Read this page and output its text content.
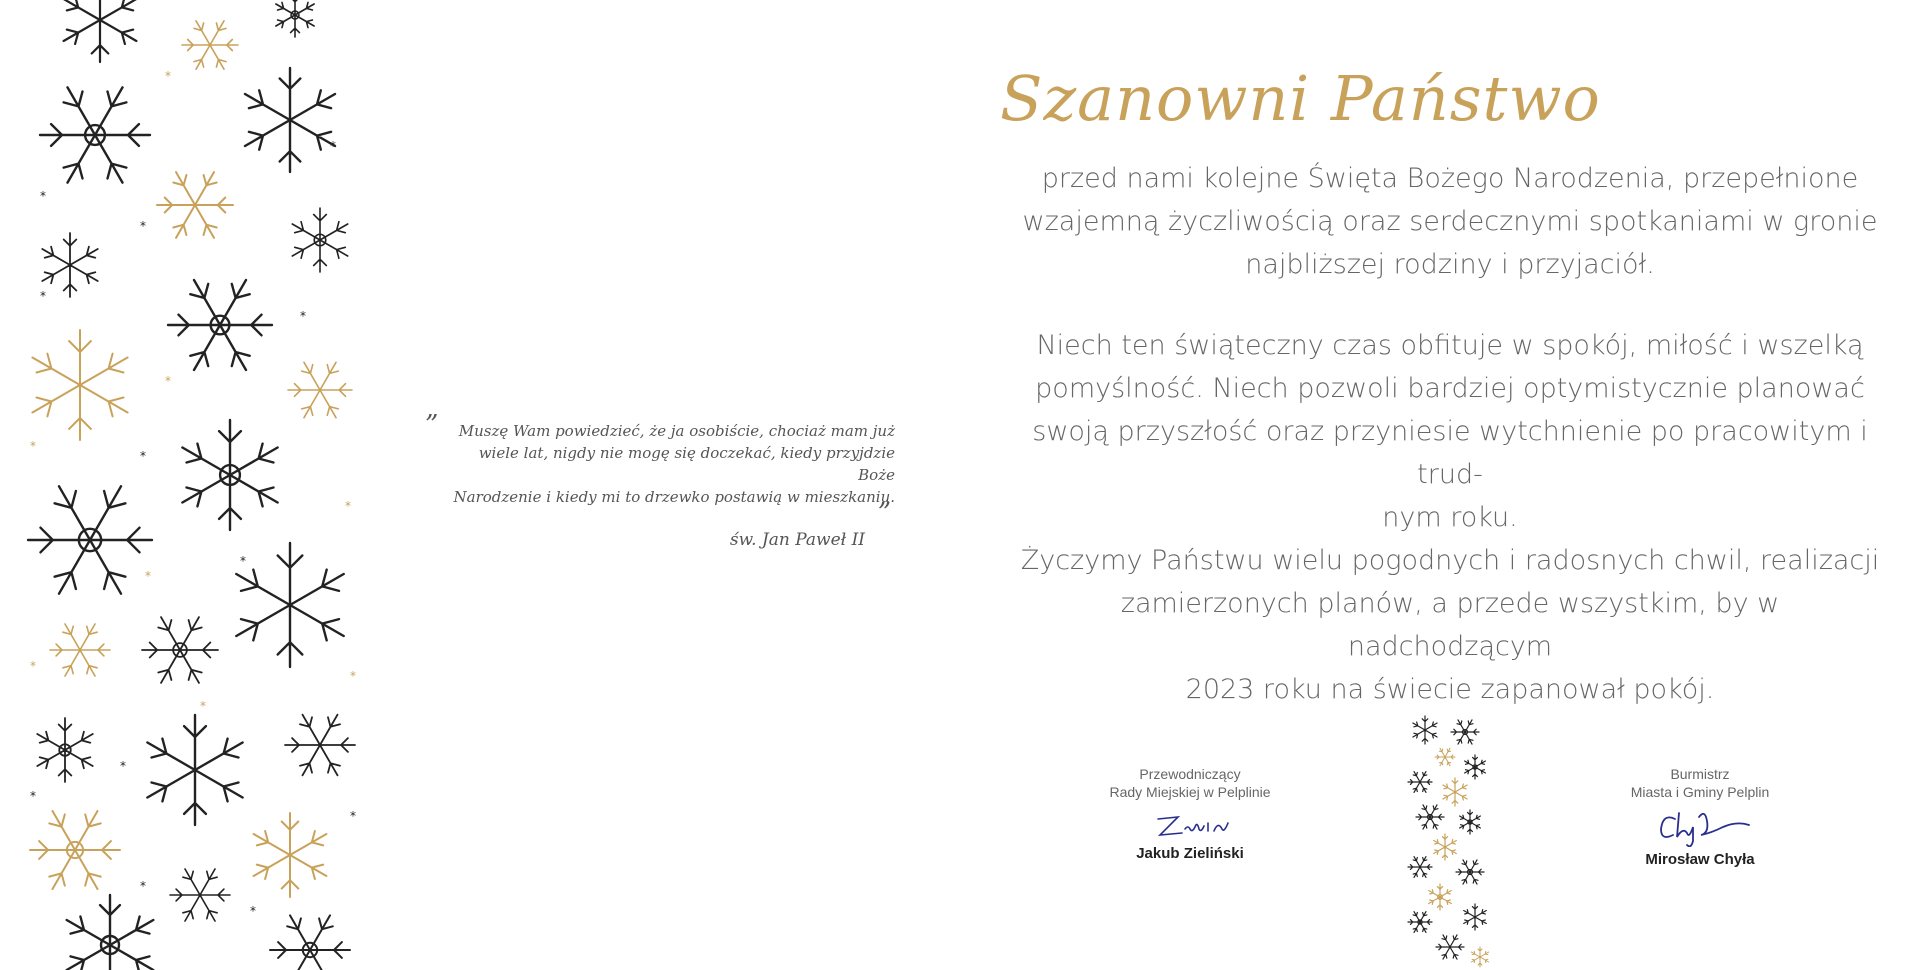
*
*
*
*
*
*
*
*
*
*
*
*
*
*
*
*
*
*
*
*
”	Muszę Wam powiedzieć, że ja osobiście, chociaż mam już
wiele lat, nigdy nie mogę się doczekać, kiedy przyjdzie Boże
Narodzenie i kiedy mi to drzewko postawią w mieszkaniu.
”
św. Jan Paweł II
Szanowni Państwo
przed nami kolejne Święta Bożego Narodzenia, przepełnione
wzajemną życzliwością oraz serdecznymi spotkaniami w gronie
najbliższej rodziny i przyjaciół.
Niech ten świąteczny czas obfituje w spokój, miłość i wszelką
pomyślność. Niech pozwoli bardziej optymistycznie planować
swoją przyszłość oraz przyniesie wytchnienie po pracowitym i trud-
nym roku.
Życzymy Państwu wielu pogodnych i radosnych chwil, realizacji
zamierzonych planów, a przede wszystkim, by w nadchodzącym
2023 roku na świecie zapanował pokój.
Przewodniczący
Rady Miejskiej w Pelplinie
Jakub Zieliński
Burmistrz
Miasta i Gminy Pelplin
Mirosław Chyła
